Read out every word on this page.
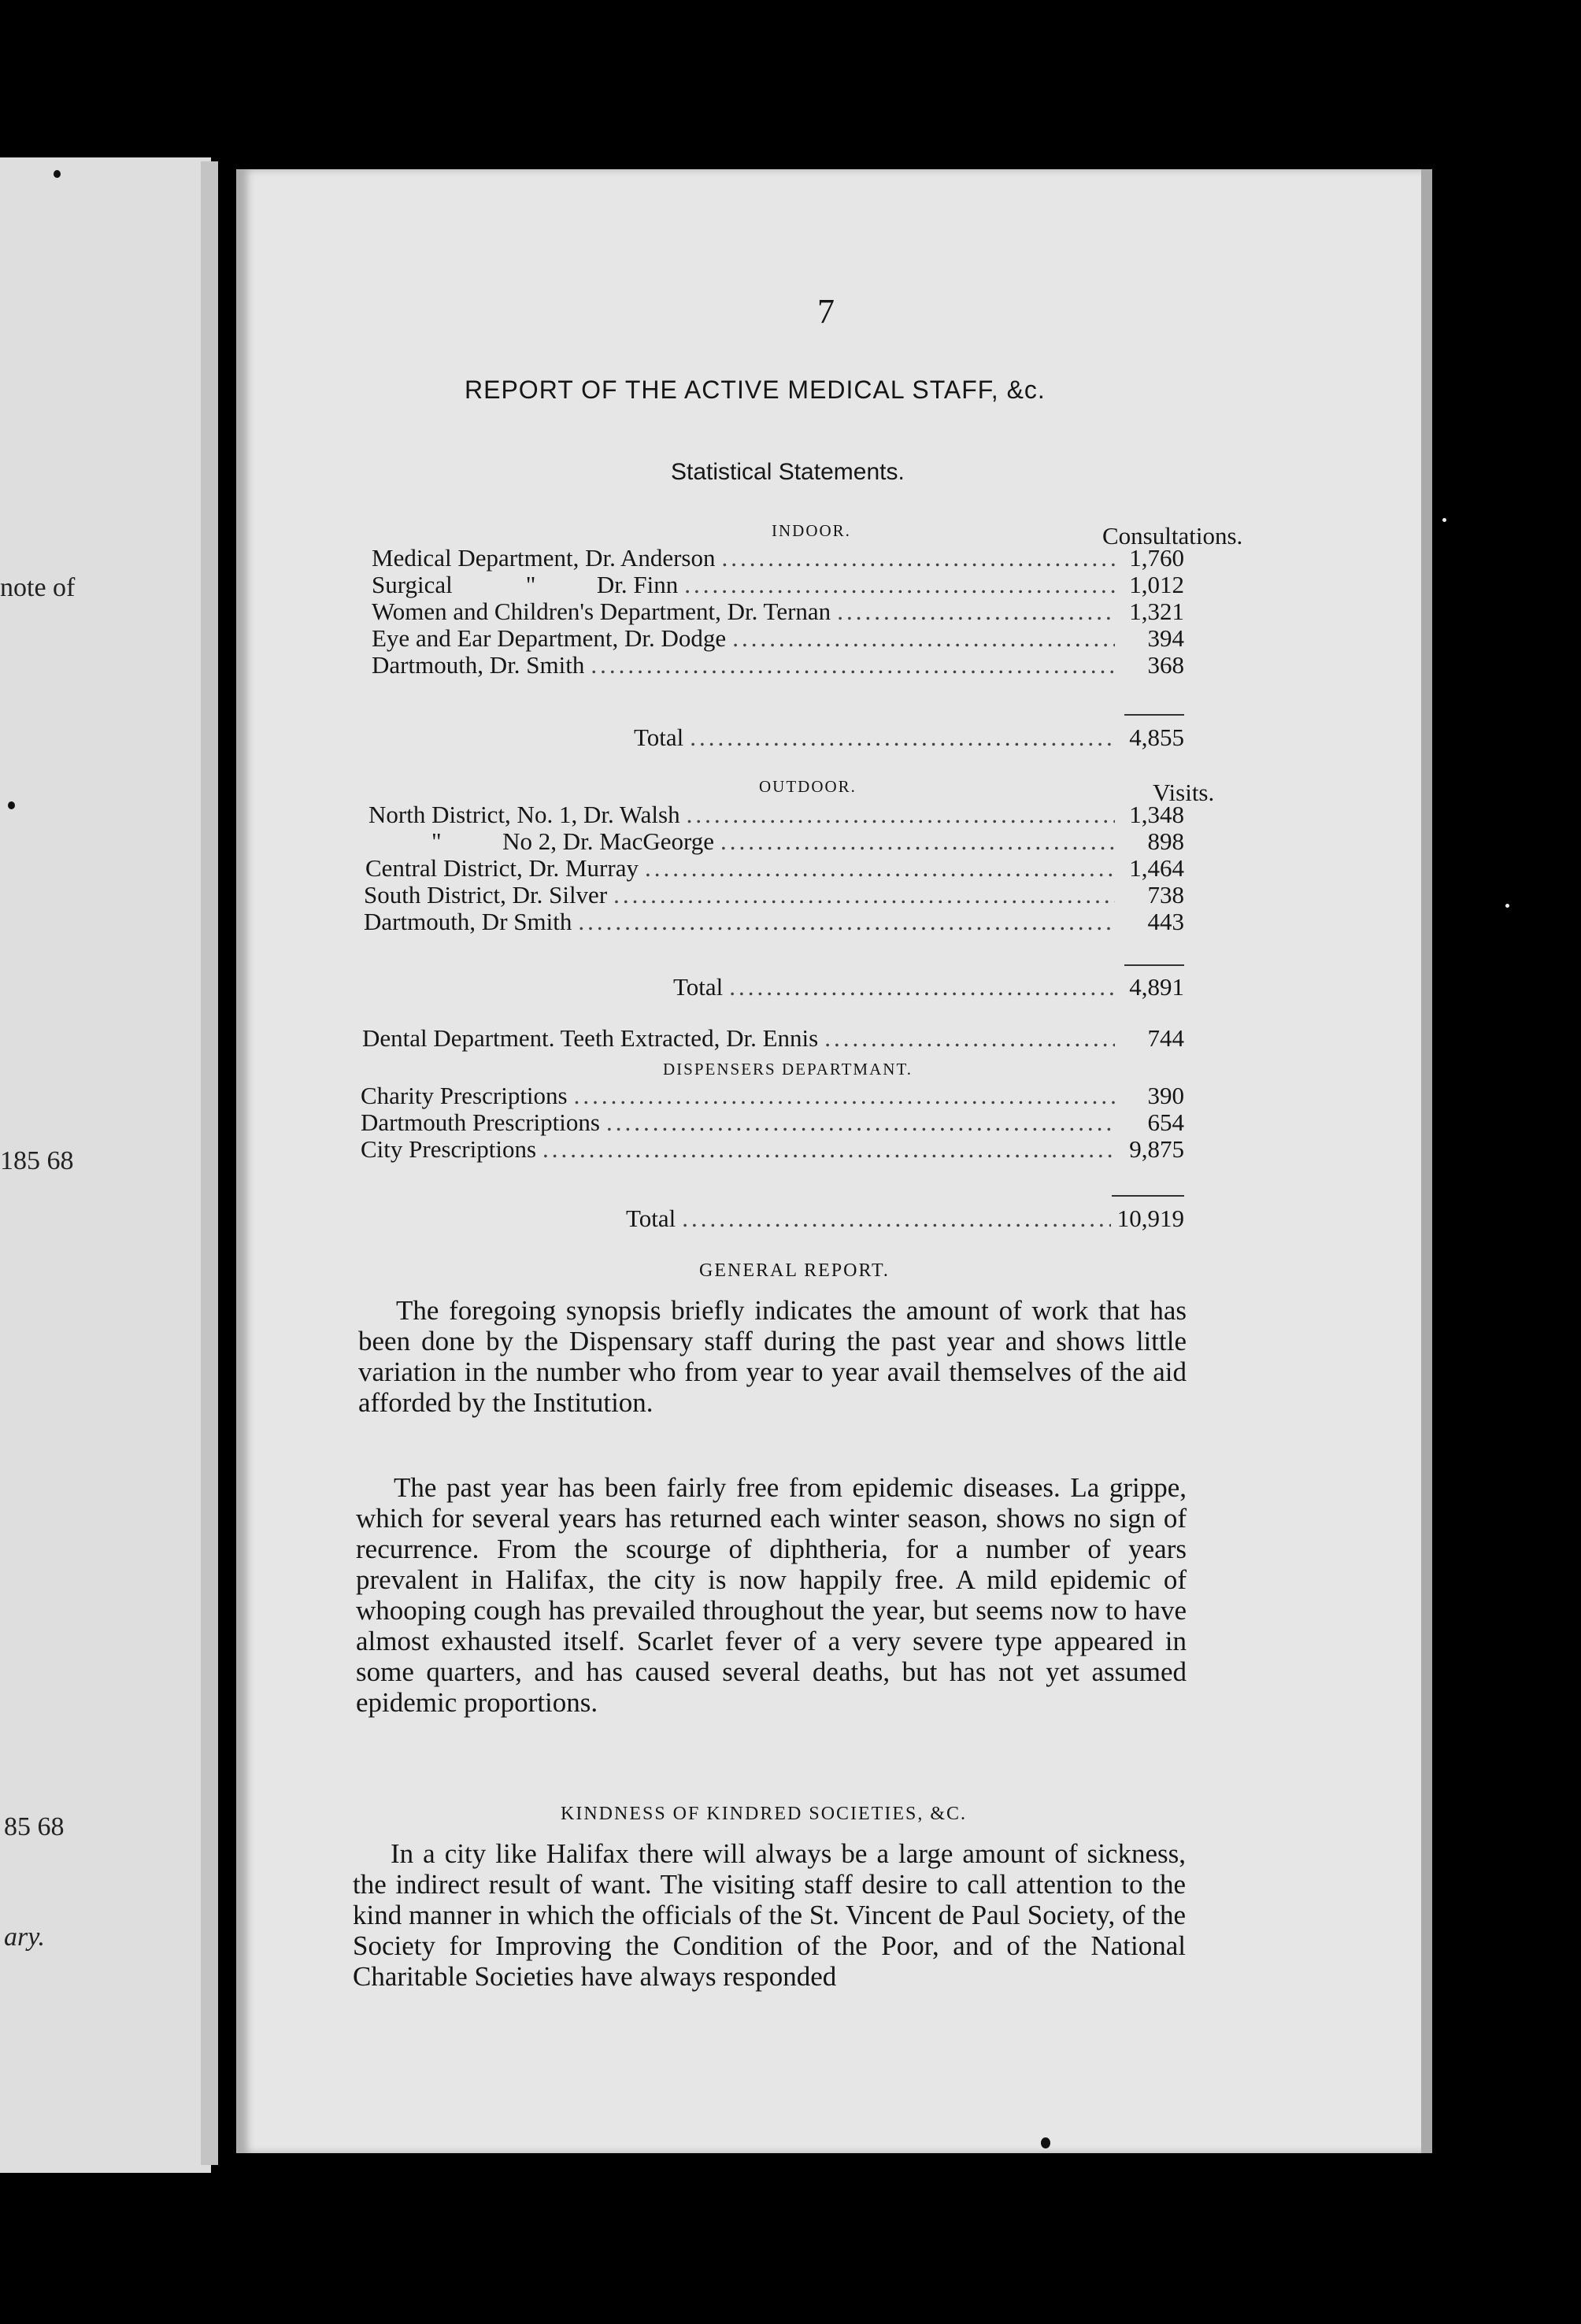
note of
185 68
85 68
ary.
7
REPORT OF THE ACTIVE MEDICAL STAFF, &c.
Statistical Statements.
INDOOR.	Consultations.
Medical Department, Dr. Anderson .....	1,760
Surgical            "          Dr. Finn .....	1,012
Women and Children's Department, Dr. Ternan .....	1,321
Eye and Ear Department, Dr. Dodge .....	394
Dartmouth, Dr. Smith .....	368
Total .....	4,855
OUTDOOR.	Visits.
North District, No. 1, Dr. Walsh .....	1,348
"          No 2, Dr. MacGeorge .....	898
Central District, Dr. Murray .....	1,464
South District, Dr. Silver .....	738
Dartmouth, Dr Smith .....	443
Total .....	4,891
Dental Department. Teeth Extracted, Dr. Ennis .....	744
DISPENSERS DEPARTMANT.
Charity Prescriptions .....	390
Dartmouth Prescriptions .....	654
City Prescriptions .....	9,875
Total .....	10,919
GENERAL REPORT.
The foregoing synopsis briefly indicates the amount of work that has been done by the Dispensary staff during the past year and shows little variation in the number who from year to year avail themselves of the aid afforded by the Institution.
The past year has been fairly free from epidemic diseases. La grippe, which for several years has returned each winter season, shows no sign of recurrence. From the scourge of diphtheria, for a number of years prevalent in Halifax, the city is now happily free. A mild epidemic of whooping cough has prevailed throughout the year, but seems now to have almost exhausted itself. Scarlet fever of a very severe type appeared in some quarters, and has caused several deaths, but has not yet assumed epidemic proportions.
KINDNESS OF KINDRED SOCIETIES, &C.
In a city like Halifax there will always be a large amount of sickness, the indirect result of want. The visiting staff desire to call attention to the kind manner in which the officials of the St. Vincent de Paul Society, of the Society for Improving the Condition of the Poor, and of the National Charitable Societies have always responded
